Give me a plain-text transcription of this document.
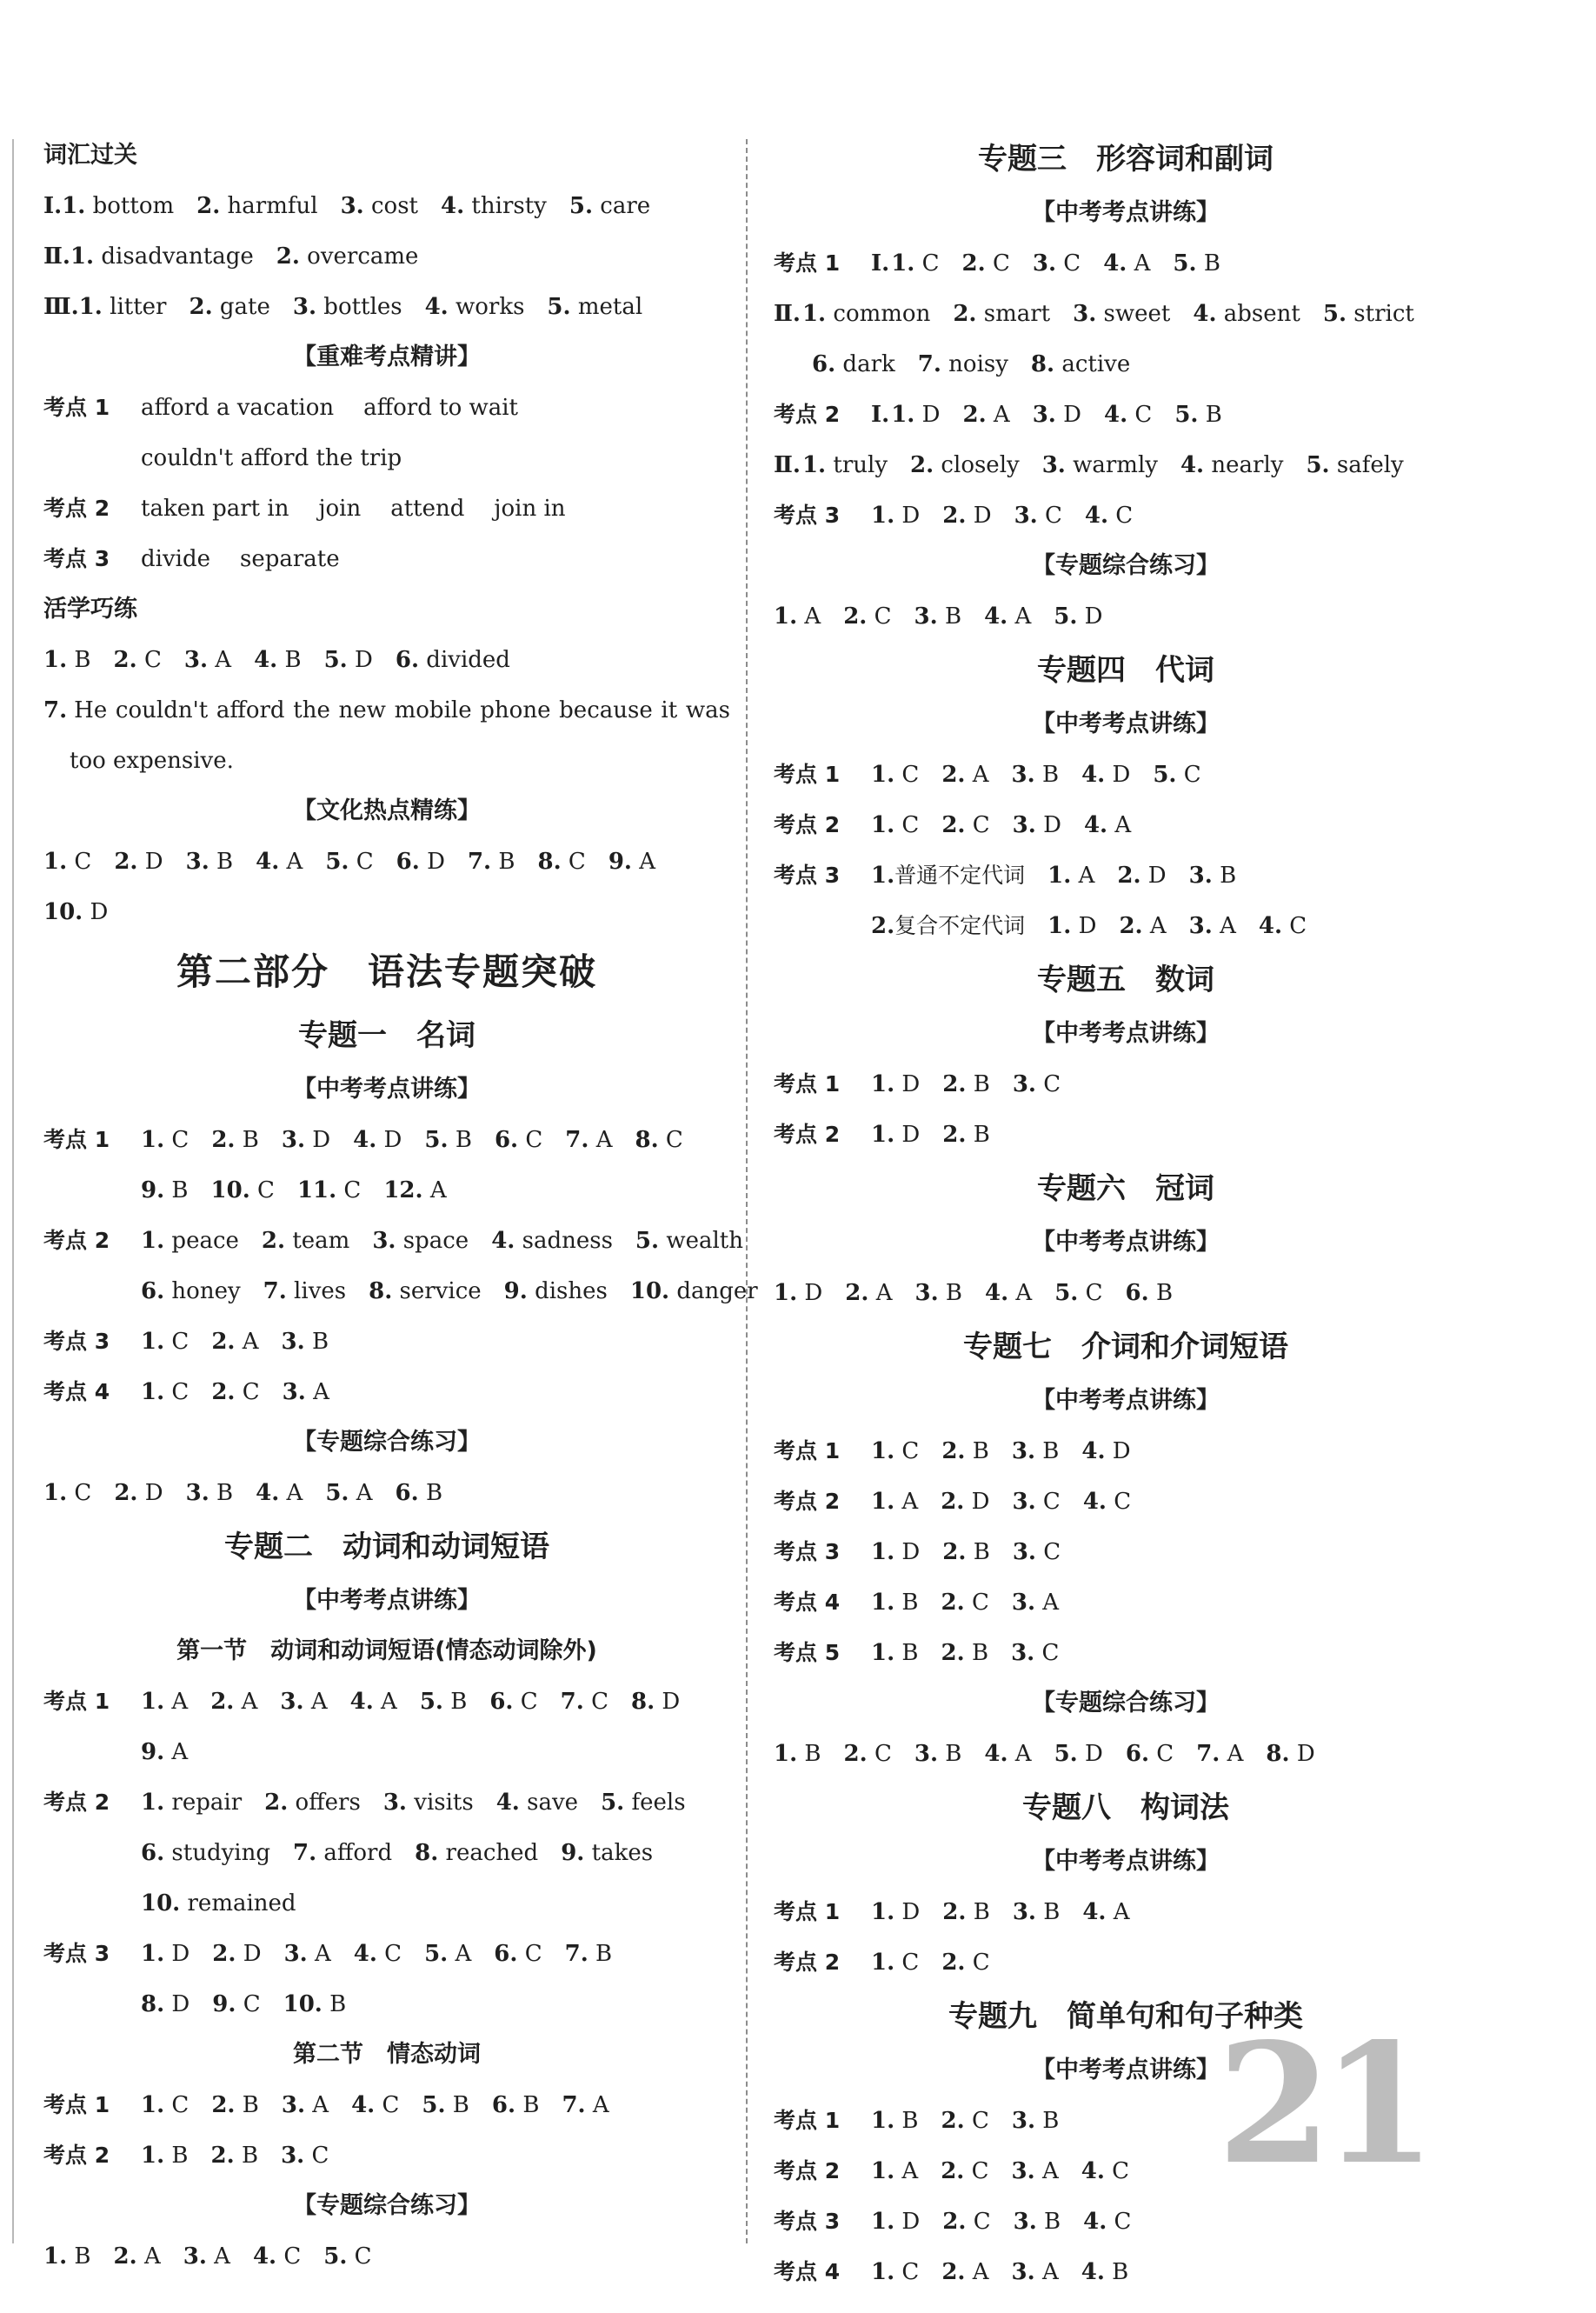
词汇过关
Ⅰ.1. bottom 2. harmful 3. cost 4. thirsty 5. care
Ⅱ.1. disadvantage 2. overcame
Ⅲ.1. litter 2. gate 3. bottles 4. works 5. metal
【重难考点精讲】
考点 1 afford a vacation afford to wait
couldn't afford the trip
考点 2 taken part in join attend join in
考点 3 divide separate
活学巧练
1. B 2. C 3. A 4. B 5. D 6. divided
7. He couldn't afford the new mobile phone because it was too expensive.
【文化热点精练】
1. C 2. D 3. B 4. A 5. C 6. D 7. B 8. C 9. A
10. D
第二部分　语法专题突破
专题一　名词
【中考考点讲练】
考点 1 1. C 2. B 3. D 4. D 5. B 6. C 7. A 8. C
9. B 10. C 11. C 12. A
考点 2 1. peace 2. team 3. space 4. sadness 5. wealth
6. honey 7. lives 8. service 9. dishes 10. danger
考点 3 1. C 2. A 3. B
考点 4 1. C 2. C 3. A
【专题综合练习】
1. C 2. D 3. B 4. A 5. A 6. B
专题二　动词和动词短语
【中考考点讲练】
第一节　动词和动词短语(情态动词除外)
考点 1 1. A 2. A 3. A 4. A 5. B 6. C 7. C 8. D
9. A
考点 2 1. repair 2. offers 3. visits 4. save 5. feels
6. studying 7. afford 8. reached 9. takes
10. remained
考点 3 1. D 2. D 3. A 4. C 5. A 6. C 7. B
8. D 9. C 10. B
第二节　情态动词
考点 1 1. C 2. B 3. A 4. C 5. B 6. B 7. A
考点 2 1. B 2. B 3. C
【专题综合练习】
1. B 2. A 3. A 4. C 5. C
专题三　形容词和副词
【中考考点讲练】
考点 1 Ⅰ.1. C 2. C 3. C 4. A 5. B
Ⅱ.1. common 2. smart 3. sweet 4. absent 5. strict
6. dark 7. noisy 8. active
考点 2 Ⅰ.1. D 2. A 3. D 4. C 5. B
Ⅱ.1. truly 2. closely 3. warmly 4. nearly 5. safely
考点 3 1. D 2. D 3. C 4. C
【专题综合练习】
1. A 2. C 3. B 4. A 5. D
专题四　代词
【中考考点讲练】
考点 1 1. C 2. A 3. B 4. D 5. C
考点 2 1. C 2. C 3. D 4. A
考点 3 1.普通不定代词 1. A 2. D 3. B
2.复合不定代词 1. D 2. A 3. A 4. C
专题五　数词
【中考考点讲练】
考点 1 1. D 2. B 3. C
考点 2 1. D 2. B
专题六　冠词
【中考考点讲练】
1. D 2. A 3. B 4. A 5. C 6. B
专题七　介词和介词短语
【中考考点讲练】
考点 1 1. C 2. B 3. B 4. D
考点 2 1. A 2. D 3. C 4. C
考点 3 1. D 2. B 3. C
考点 4 1. B 2. C 3. A
考点 5 1. B 2. B 3. C
【专题综合练习】
1. B 2. C 3. B 4. A 5. D 6. C 7. A 8. D
专题八　构词法
【中考考点讲练】
考点 1 1. D 2. B 3. B 4. A
考点 2 1. C 2. C
专题九　简单句和句子种类
【中考考点讲练】
考点 1 1. B 2. C 3. B
考点 2 1. A 2. C 3. A 4. C
考点 3 1. D 2. C 3. B 4. C
考点 4 1. C 2. A 3. A 4. B
21
